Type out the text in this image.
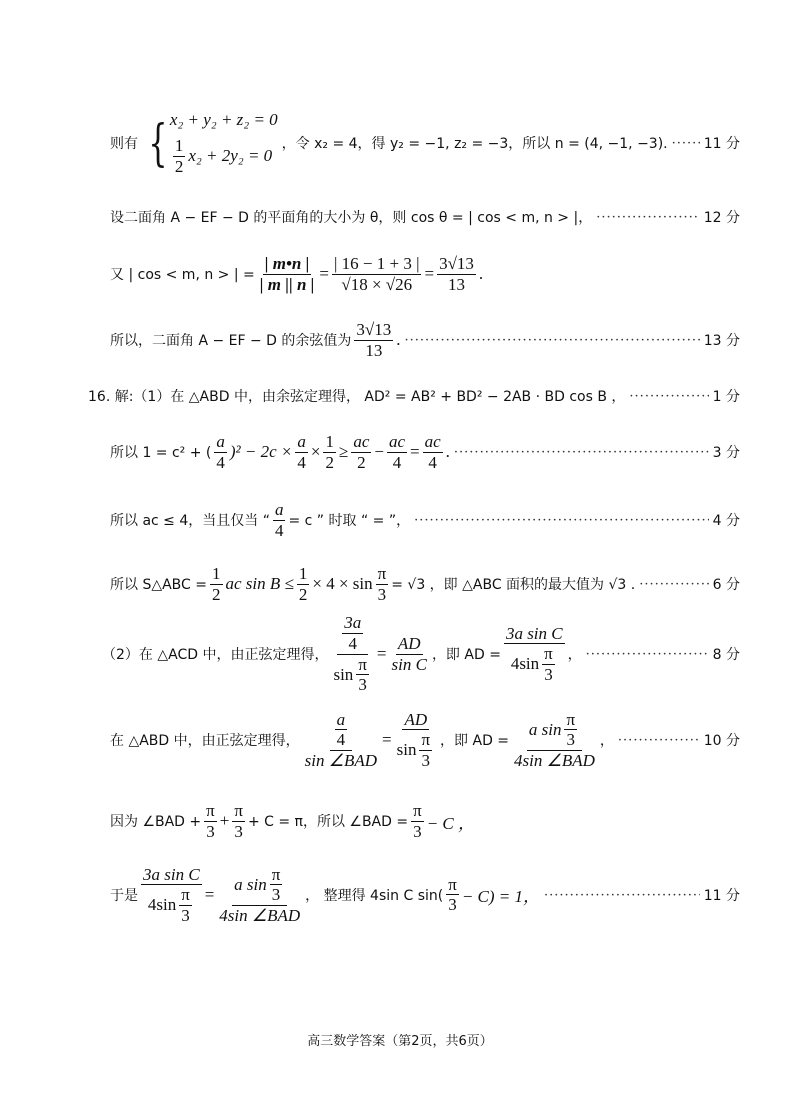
则有 { x₂ + y₂ + z₂ = 0
$\frac{1}{2} x_2 + 2y_2 = 0$
，令 x₂ = 4，得 y₂ = −1, z₂ = −3，所以 n = (4, −1, −3). ·····	11 分
设二面角 A − EF − D 的平面角的大小为 θ，则 cos θ = | cos < m, n > |， ·····	12 分
又 | cos < m, n > | = $\frac{| m•n |}{| m || n |} = \frac{| 16 - 1 + 3 |}{√18 \times √26} = \frac{3√13}{13}$ .
所以，二面角 A − EF − D 的余弦值为 $\frac{3√13}{13}$ . ·····	13 分
16. 解:（1）在 △ABD 中，由余弦定理得， AD² = AB² + BD² − 2AB · BD cos B ， ·····	1 分
所以 1 = c² + ( $\frac{a}{4} )^2 - 2c \times \frac{a}{4} \times \frac{1}{2} \ge \frac{ac}{2} - \frac{ac}{4} = \frac{ac}{4}$ . ·····	3 分
所以 ac ≤ 4，当且仅当 “ $\frac{a}{4} = c$ ” 时取 “ = ”， ·····	4 分
所以 S△ABC = $\frac{1}{2}$ ac $\sin B \le \frac{1}{2} \times 4 \times \sin \frac{\pi}{3} = √3$ ，即 △ABC 面积的最大值为 √3 . ·····	6 分
（2）在 △ACD 中，由正弦定理得， $\frac{\frac{3a}{4}}{\sin \frac{\pi}{3}} = \frac{AD}{\text{sin C}}$ ，即 AD = $\frac{\text{3a sin C}}{4\sin \frac{\pi}{3}}$ ， ·····	8 分
在 △ABD 中，由正弦定理得， $\frac{\frac{a}{4}}{\text{sin ∠BAD}} = \frac{AD}{\sin \frac{\pi}{3}}$ ，即 AD = $\frac{a \sin \frac{\pi}{3}}{\text{4sin ∠BAD}}$ ， ·····	10 分
因为 ∠BAD + $\frac{\pi}{3} + \frac{\pi}{3} + C = \pi$，所以 ∠BAD = $\frac{\pi}{3} - C$ ，
于是 $\frac{\text{3a sin C}}{4\sin \frac{\pi}{3}} = \frac{a \sin \frac{\pi}{3}}{\text{4sin ∠BAD}}$ ， 整理得 4sin C $\sin( \frac{\pi}{3} - C) = 1$， ·····	11 分
高三数学答案（第2页，共6页）
